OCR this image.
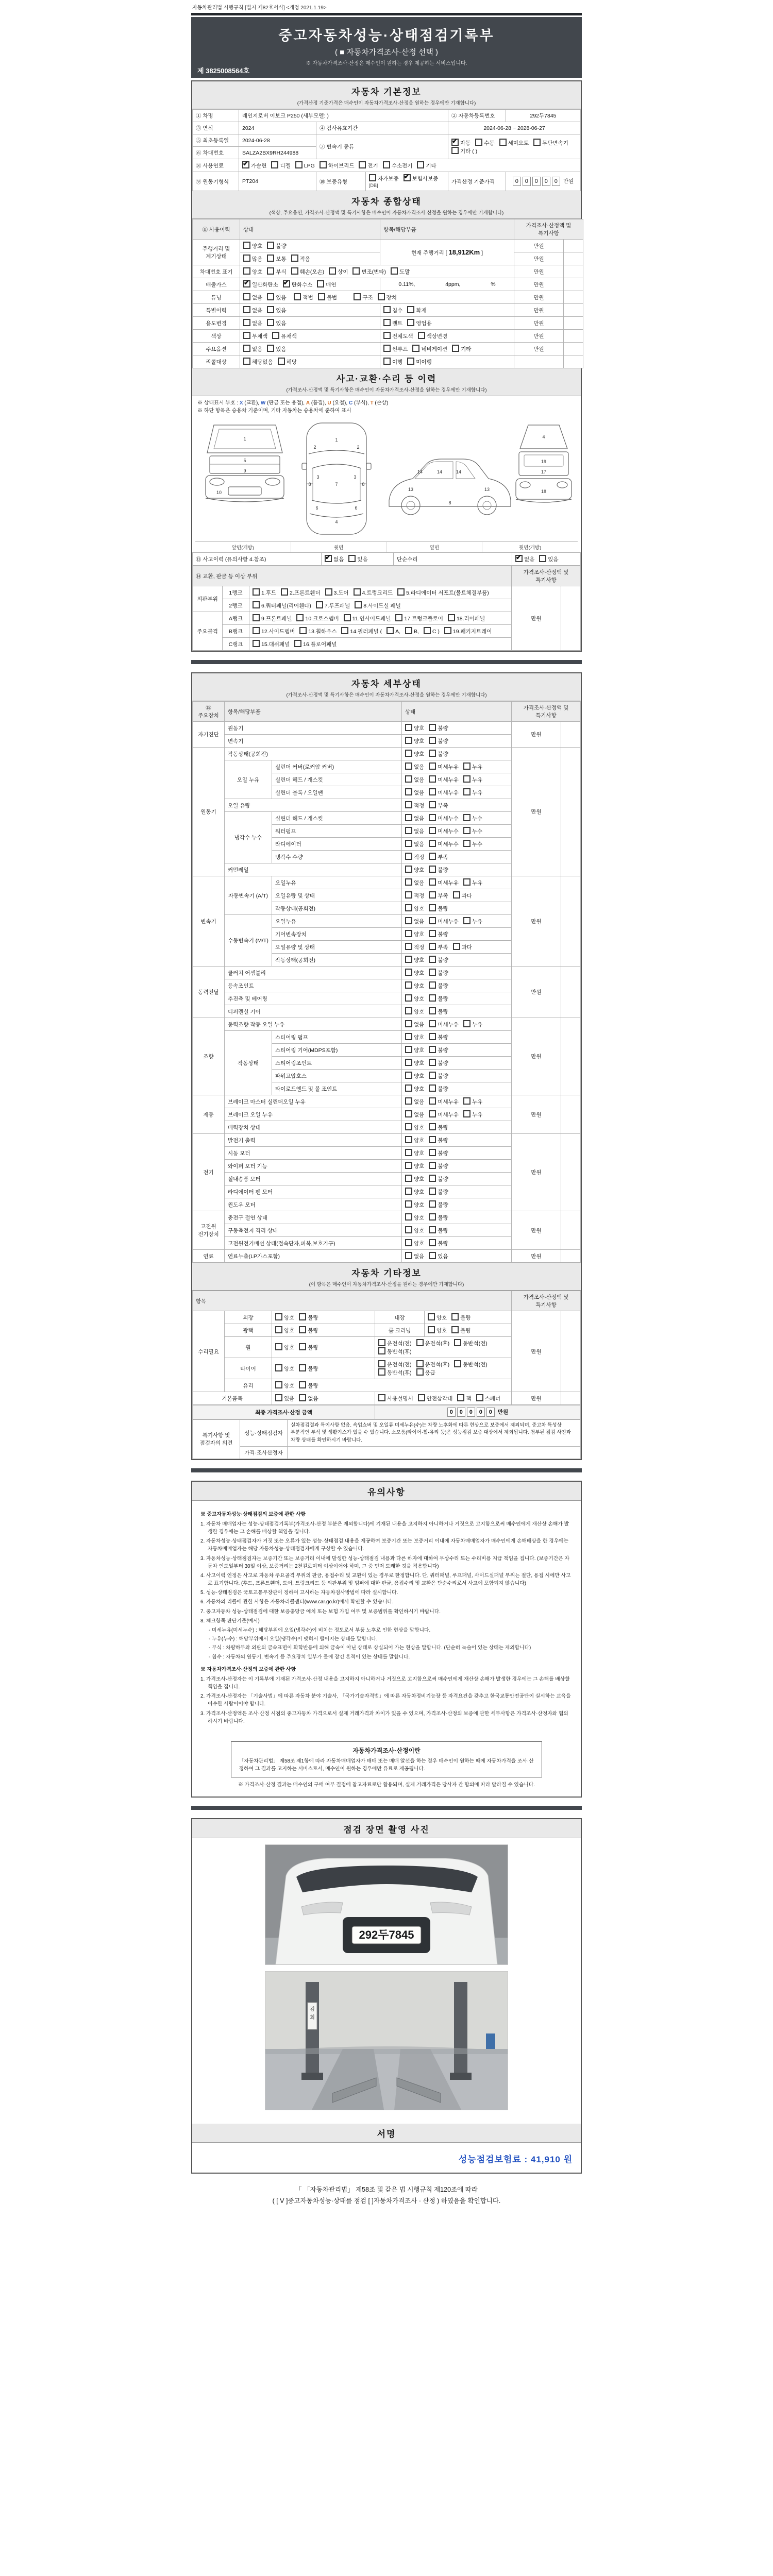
자동차관리법 시행규칙 [별지 제82호서식] <개정 2021.1.19>
중고자동차성능·상태점검기록부
( ■ 자동차가격조사·산정 선택 )
※ 자동차가격조사·산정은 매수인이 원하는 경우 제공하는 서비스입니다.
제 3825008564호
자동차 기본정보
(가격산정 기준가격은 매수인이 자동차가격조사·산정을 원하는 경우에만 기재합니다)
① 차명	레인지로버 이보크 P250 (세부모델: )			② 자동차등록번호	292두7845
③ 연식	2024	④ 검사유효기간		2024-06-28 ~ 2028-06-27	
⑤ 최초등록일	2024-06-28	⑦ 변속기 종류	✔자동 수동 세미오토 무단변속기기타 ( )
⑥ 차대번호	SALZA2BX9RH244988				
⑧ 사용연료	✔가솔린 디젤 LPG 하이브리드 전기 수소전기 기타
⑨ 원동기형식	PT204	⑩ 보증유형	자가보증 ✔ 보험사보증 [DB]	가격산정 기준가격	0 0 0 0 0 만원
자동차 종합상태
(색상, 주요옵션, 가격조사·산정액 및 특기사항은 매수인이 자동차가격조사·산정을 원하는 경우에만 기재합니다)
⑪ 사용이력	상태	항목/해당부품	가격조사·산정액 및 특기사항	
주행거리 및 계기상태	양호 불량	현재 주행거리 [ 18,912Km ]	만원	
	많음 보통 적음		만원	
차대번호 표기	양호 부식 훼손(오손) 상이 변조(변타) 도말		만원	
배출가스	✔일산화탄소 ✔ 탄화수소 매연	0.11%, 4ppm, %	만원	
튜닝	없음 있음 적법 불법 구조 장치		만원	
특별이력	없음 있음	침수 화재	만원	
용도변경	없음 있음	렌트 영업용	만원	
색상	무채색 유채색	전체도색 색상변경	만원	
주요옵션	없음 있음	썬루프 네비게이션 기타	만원	
리콜대상	해당없음 해당	이행 미이행		
사고·교환·수리 등 이력
(가격조사·산정액 및 특기사항은 매수인이 자동차가격조사·산정을 원하는 경우에만 기재합니다)
※ 상태표시 부호 : X (교환), W (판금 또는 용접), A (흠집), U (요철), C (부식), T (손상)
※ 하단 항목은 승용차 기준이며, 기타 자동차는 승용차에 준하여 표시
1
5
9
10
1
2	2
7
3	3
8	8
6	6
4
13	13
8
14	14	14
4
19
17
18
앞면(개방)	윗면	옆면	뒷면(개방)
⑬ 사고이력 (유의사항 4.참조)	✔없음 있음	단순수리	✔없음 있음
⑭ 교환, 판금 등 이상 부위			가격조사·산정액 및 특기사항	
외판부위	1랭크	1.후드 2.프론트휀더 3.도어 4.트렁크리드 5.라디에이터 서포트(볼트체결부품)	만원	
	2랭크	6.쿼터패널(리어휀다) 7.루프패널 8.사이드실 패널		
주요골격	A랭크	9.프론트패널 10.크로스멤버 11.인사이드패널 17.트렁크플로어 18.리어패널		
	B랭크	12.사이드멤버 13.휠하우스 14.필러패널 (A, B, C ) 19.패키지트레이		
	C랭크	15.대쉬패널 16.플로어패널		
자동차 세부상태
(가격조사·산정액 및 특기사항은 매수인이 자동차가격조사·산정을 원하는 경우에만 기재합니다)
⑮ 주요장치	항목/해당부품		상태	가격조사·산정액 및 특기사항	
자기진단	원동기		양호 불량	만원	
	변속기		양호 불량		
원동기	작동상태(공회전)		양호 불량	만원	
	오일 누유	실린더 커버(로커암 커버)	없음 미세누유 누유		
		실린더 헤드 / 개스킷	없음 미세누유 누유		
		실린더 블록 / 오일팬	없음 미세누유 누유		
	오일 유량		적정 부족		
	냉각수 누수	실린더 헤드 / 개스킷	없음 미세누수 누수		
		워터펌프	없음 미세누수 누수		
		라디에이터	없음 미세누수 누수		
		냉각수 수량	적정 부족		
	커먼레일		양호 불량		
변속기	자동변속기 (A/T)	오일누유	없음 미세누유 누유	만원	
		오일유량 및 상태	적정 부족 과다		
		작동상태(공회전)	양호 불량		
	수동변속기 (M/T)	오일누유	없음 미세누유 누유		
		기어변속장치	양호 불량		
		오일유량 및 상태	적정 부족 과다		
		작동상태(공회전)	양호 불량		
동력전달	클러치 어셈블리		양호 불량	만원	
	등속조인트		양호 불량		
	추진축 및 베어링		양호 불량		
	디퍼렌셜 기어		양호 불량		
조향	동력조향 작동 오일 누유		없음 미세누유 누유	만원	
	작동상태	스티어링 펌프	양호 불량		
		스티어링 기어(MDPS포함)	양호 불량		
		스티어링조인트	양호 불량		
		파워고압호스	양호 불량		
		타이로드엔드 및 볼 조인트	양호 불량		
제동	브레이크 마스터 실린더오일 누유		없음 미세누유 누유	만원	
	브레이크 오일 누유		없음 미세누유 누유		
	배력장치 상태		양호 불량		
전기	발전기 출력		양호 불량	만원	
	시동 모터		양호 불량		
	와이퍼 모터 기능		양호 불량		
	실내송풍 모터		양호 불량		
	라디에이터 팬 모터		양호 불량		
	윈도우 모터		양호 불량		
고전원 전기장치	충전구 절연 상태		양호 불량	만원	
	구동축전지 격리 상태		양호 불량		
	고전원전기배선 상태(접속단자,피복,보호기구)		양호 불량		
연료	연료누출(LP가스포함)		없음 있음	만원	
자동차 기타정보
(이 항목은 매수인이 자동차가격조사·산정을 원하는 경우에만 기재합니다)
항목					가격조사·산정액 및 특기사항	
수리필요	외장	양호 불량	내장	양호 불량	만원	
	광택	양호 불량	룸 크리닝	양호 불량		
	휠	양호 불량	운전석(전) 운전석(후) 동반석(전)동반석(후)			
	타이어	양호 불량	운전석(전) 운전석(후) 동반석(전)동반석(후) 응급			
	유리	양호 불량				
기본품목		있음 없음	사용설명서 안전삼각대 잭 스패너		만원	
최종 가격조사·산정 금액	0 0 0 0 0 만원
특기사항 및 점검자의 의견	성능·상태점검자	실차점검결과 특이사항 없음. 쇽업쇼버 및 오일류 미세누유(수)는 차량 노후화에 따른 현상으로 보증에서 제외되며, 중고차 특성상 부분적인 부식 및 생활기스가 있을 수 있습니다. 소모품(타이어·휠·유리 등)은 성능점검 보증 대상에서 제외됩니다. 첨부된 점검 사진과 차량 상태를 확인하시기 바랍니다.

	가격·조사산정자	
유의사항
※ 중고자동차성능·상태점검의 보증에 관한 사항
1. 자동차 매매업자는 성능·상태점검기록부(가격조사·산정 부분은 제외합니다)에 기재된 내용을 고지하지 아니하거나 거짓으로 고지함으로써 매수인에게 재산상 손해가 발생한 경우에는 그 손해를 배상할 책임을 집니다.
2. 자동차성능·상태점검자가 거짓 또는 오류가 있는 성능·상태점검 내용을 제공하여 보증기간 또는 보증거리 이내에 자동차매매업자가 매수인에게 손해배상을 한 경우에는 자동차매매업자는 해당 자동차성능·상태점검자에게 구상할 수 있습니다.
3. 자동차성능·상태점검자는 보증기간 또는 보증거리 이내에 발생한 성능·상태점검 내용과 다른 하자에 대하여 무상수리 또는 수리비용 지급 책임을 집니다. (보증기간은 자동차 인도일부터 30일 이상, 보증거리는 2천킬로미터 이상이어야 하며, 그 중 먼저 도래한 것을 적용합니다)
4. 사고이력 인정은 사고로 자동차 주요골격 부위의 판금, 용접수리 및 교환이 있는 경우로 한정합니다. 단, 쿼터패널, 루프패널, 사이드실패널 부위는 절단, 용접 시에만 사고로 표기합니다. (후드, 프론트휀더, 도어, 트렁크리드 등 외판부위 및 범퍼에 대한 판금, 용접수리 및 교환은 단순수리로서 사고에 포함되지 않습니다)
5. 성능·상태점검은 국토교통부장관이 정하여 고시하는 자동차검사방법에 따라 실시합니다.
6. 자동차의 리콜에 관한 사항은 자동차리콜센터(www.car.go.kr)에서 확인할 수 있습니다.
7. 중고자동차 성능·상태점검에 대한 보증충당금 예치 또는 보험 가입 여부 및 보증범위를 확인하시기 바랍니다.
8. 체크항목 판단기준(예시)
- 미세누유(미세누수) : 해당부위에 오일(냉각수)이 비치는 정도로서 부품 노후로 인한 현상을 말합니다.
- 누유(누수) : 해당부위에서 오일(냉각수)이 맺혀서 떨어지는 상태를 말합니다.
- 부식 : 차량하부와 외판의 금속표면이 화학반응에 의해 금속이 아닌 상태로 상실되어 가는 현상을 말합니다. (단순히 녹슬어 있는 상태는 제외합니다)
- 침수 : 자동차의 원동기, 변속기 등 주요장치 일부가 물에 잠긴 흔적이 있는 상태를 말합니다.
※ 자동차가격조사·산정의 보증에 관한 사항
1. 가격조사·산정자는 이 기록부에 기재된 가격조사·산정 내용을 고지하지 아니하거나 거짓으로 고지함으로써 매수인에게 재산상 손해가 발생한 경우에는 그 손해를 배상할 책임을 집니다.
2. 가격조사·산정자는 「기술사법」에 따른 자동차 분야 기술사, 「국가기술자격법」에 따른 자동차정비기능장 등 자격요건을 갖추고 한국교통안전공단이 실시하는 교육을 이수한 사람이어야 합니다.
3. 가격조사·산정액은 조사·산정 시점의 중고자동차 가격으로서 실제 거래가격과 차이가 있을 수 있으며, 가격조사·산정의 보증에 관한 세부사항은 가격조사·산정자와 협의하시기 바랍니다.
자동차가격조사·산정이란
「자동차관리법」 제58조 제1항에 따라 자동차매매업자가 매매 또는 매매 알선을 하는 경우 매수인이 원하는 때에 자동차가격을 조사·산정하여 그 결과를 고지하는 서비스로서, 매수인이 원하는 경우에만 유료로 제공됩니다.
※ 가격조사·산정 결과는 매수인의 구매 여부 결정에 참고자료로만 활용되며, 실제 거래가격은 당사자 간 합의에 따라 달라질 수 있습니다.
점검 장면 촬영 사진
292두7845
검
회
서명
성능점검보험료 : 41,910 원
「 「자동차관리법」 제58조 및 같은 법 시행규칙 제120조에 따라
( [ V ]중고자동차성능·상태를 점검 [ ]자동차가격조사 · 산정 ) 하였음을 확인합니다.
